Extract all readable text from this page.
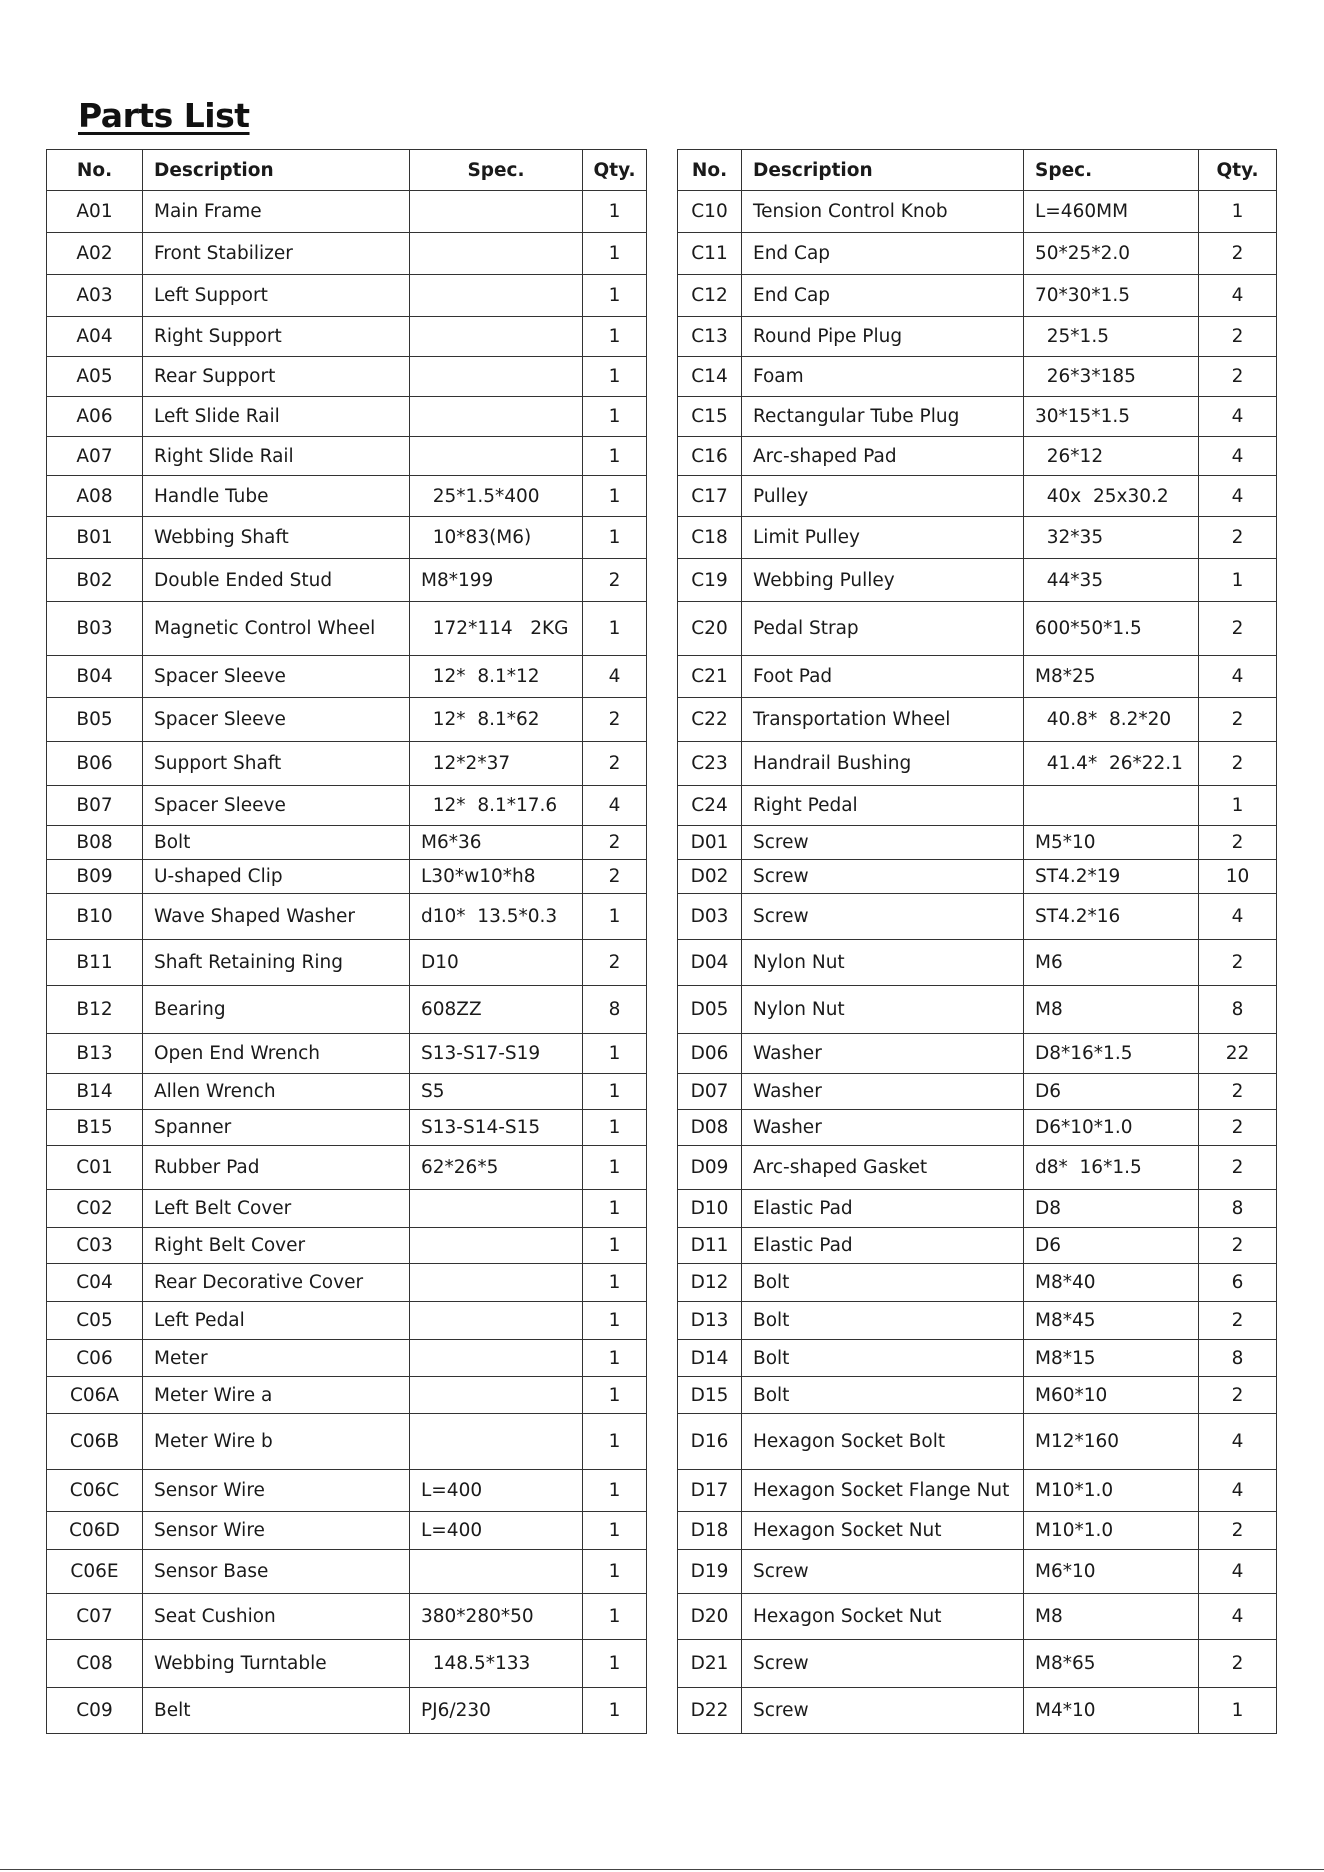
Parts List
No.	Description	Spec.	Qty.
A01	Main Frame		1
A02	Front Stabilizer		1
A03	Left Support		1
A04	Right Support		1
A05	Rear Support		1
A06	Left Slide Rail		1
A07	Right Slide Rail		1
A08	Handle Tube	25*1.5*400	1
B01	Webbing Shaft	10*83(M6)	1
B02	Double Ended Stud	M8*199	2
B03	Magnetic Control Wheel	172*114   2KG	1
B04	Spacer Sleeve	12*  8.1*12	4
B05	Spacer Sleeve	12*  8.1*62	2
B06	Support Shaft	12*2*37	2
B07	Spacer Sleeve	12*  8.1*17.6	4
B08	Bolt	M6*36	2
B09	U-shaped Clip	L30*w10*h8	2
B10	Wave Shaped Washer	d10*  13.5*0.3	1
B11	Shaft Retaining Ring	D10	2
B12	Bearing	608ZZ	8
B13	Open End Wrench	S13-S17-S19	1
B14	Allen Wrench	S5	1
B15	Spanner	S13-S14-S15	1
C01	Rubber Pad	62*26*5	1
C02	Left Belt Cover		1
C03	Right Belt Cover		1
C04	Rear Decorative Cover		1
C05	Left Pedal		1
C06	Meter		1
C06A	Meter Wire a		1
C06B	Meter Wire b		1
C06C	Sensor Wire	L=400	1
C06D	Sensor Wire	L=400	1
C06E	Sensor Base		1
C07	Seat Cushion	380*280*50	1
C08	Webbing Turntable	148.5*133	1
C09	Belt	PJ6/230	1
No.	Description	Spec.	Qty.
C10	Tension Control Knob	L=460MM	1
C11	End Cap	50*25*2.0	2
C12	End Cap	70*30*1.5	4
C13	Round Pipe Plug	25*1.5	2
C14	Foam	26*3*185	2
C15	Rectangular Tube Plug	30*15*1.5	4
C16	Arc-shaped Pad	26*12	4
C17	Pulley	40x  25x30.2	4
C18	Limit Pulley	32*35	2
C19	Webbing Pulley	44*35	1
C20	Pedal Strap	600*50*1.5	2
C21	Foot Pad	M8*25	4
C22	Transportation Wheel	40.8*  8.2*20	2
C23	Handrail Bushing	41.4*  26*22.1	2
C24	Right Pedal		1
D01	Screw	M5*10	2
D02	Screw	ST4.2*19	10
D03	Screw	ST4.2*16	4
D04	Nylon Nut	M6	2
D05	Nylon Nut	M8	8
D06	Washer	D8*16*1.5	22
D07	Washer	D6	2
D08	Washer	D6*10*1.0	2
D09	Arc-shaped Gasket	d8*  16*1.5	2
D10	Elastic Pad	D8	8
D11	Elastic Pad	D6	2
D12	Bolt	M8*40	6
D13	Bolt	M8*45	2
D14	Bolt	M8*15	8
D15	Bolt	M60*10	2
D16	Hexagon Socket Bolt	M12*160	4
D17	Hexagon Socket Flange Nut	M10*1.0	4
D18	Hexagon Socket Nut	M10*1.0	2
D19	Screw	M6*10	4
D20	Hexagon Socket Nut	M8	4
D21	Screw	M8*65	2
D22	Screw	M4*10	1
